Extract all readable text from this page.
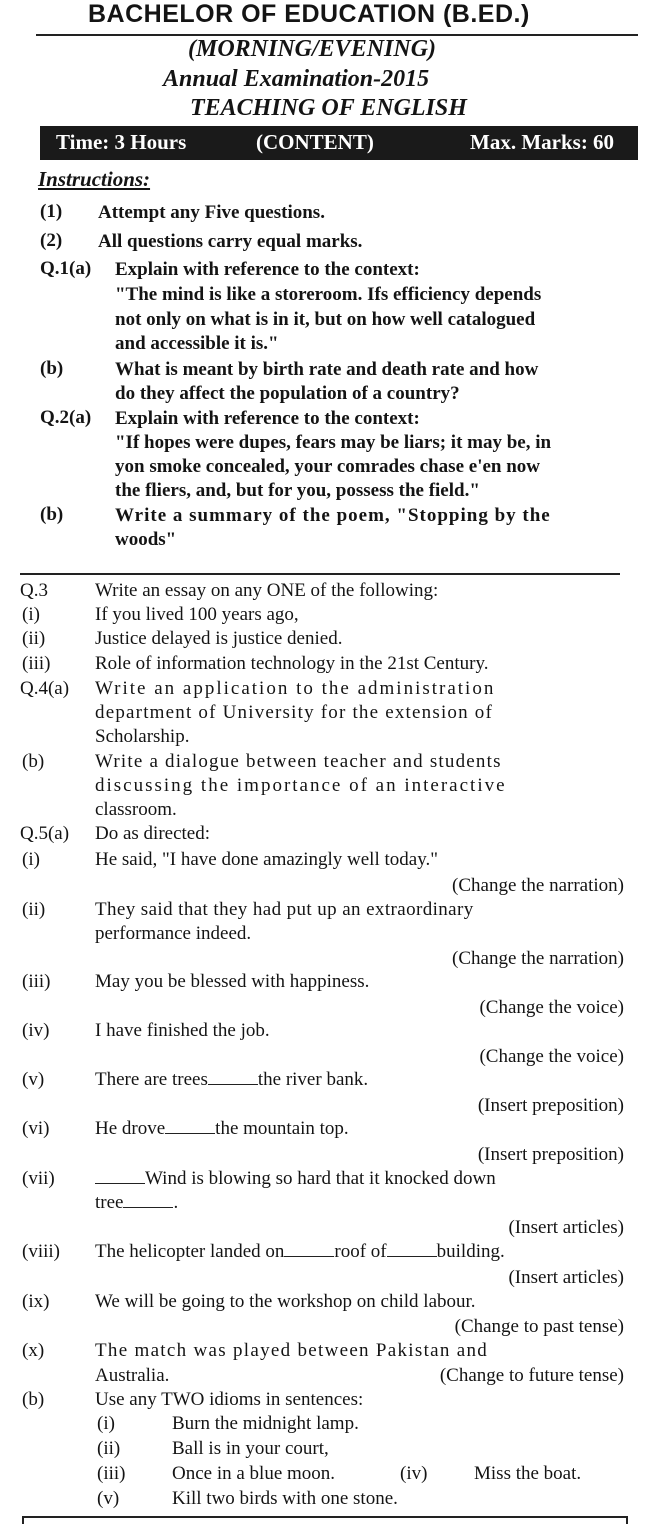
BACHELOR OF EDUCATION (B.ED.)
(MORNING/EVENING)
Annual Examination-2015
TEACHING OF ENGLISH
Time: 3 Hours	(CONTENT)	Max. Marks: 60
Instructions:
(1) Attempt any Five questions.
(2) All questions carry equal marks.
Q.1(a) Explain with reference to the context:
"The mind is like a storeroom. Ifs efficiency depends
not only on what is in it, but on how well catalogued
and accessible it is."
(b)	What is meant by birth rate and death rate and how
do they affect the population of a country?
Q.2(a) Explain with reference to the context:
"If hopes were dupes, fears may be liars; it may be, in
yon smoke concealed, your comrades chase e'en now
the fliers, and, but for you, possess the field."
(b)	Write a summary of the poem, "Stopping by the
woods"
Q.3 Write an essay on any ONE of the following:
(i)	If you lived 100 years ago,
(ii)	Justice delayed is justice denied.
(iii) Role of information technology in the 21st Century.
Q.4(a) Write an application to the administration
department of University for the extension of
Scholarship.
(b)	Write a dialogue between teacher and students
discussing the importance of an interactive
classroom.
Q.5(a) Do as directed:
(i)	He said, "I have done amazingly well today."
(Change the narration)
(ii)	They said that they had put up an extraordinary
performance indeed.
(Change the narration)
(iii) May you be blessed with happiness.
(Change the voice)
(iv) I have finished the job.
(Change the voice)
(v)	There are trees	the river bank.
(Insert preposition)
(vi) He drove	the mountain top.
(Insert preposition)
(vii)	Wind is blowing so hard that it knocked down
tree	.
(Insert articles)
(viii) The helicopter landed on	roof of	building.
(Insert articles)
(ix) We will be going to the workshop on child labour.
(Change to past tense)
(x)	The match was played between Pakistan and
Australia.	(Change to future tense)
(b)	Use any TWO idioms in sentences:
(i)	Burn the midnight lamp.
(ii)	Ball is in your court,
(iii) Once in a blue moon.	(iv) Miss the boat.
(v)	Kill two birds with one stone.
